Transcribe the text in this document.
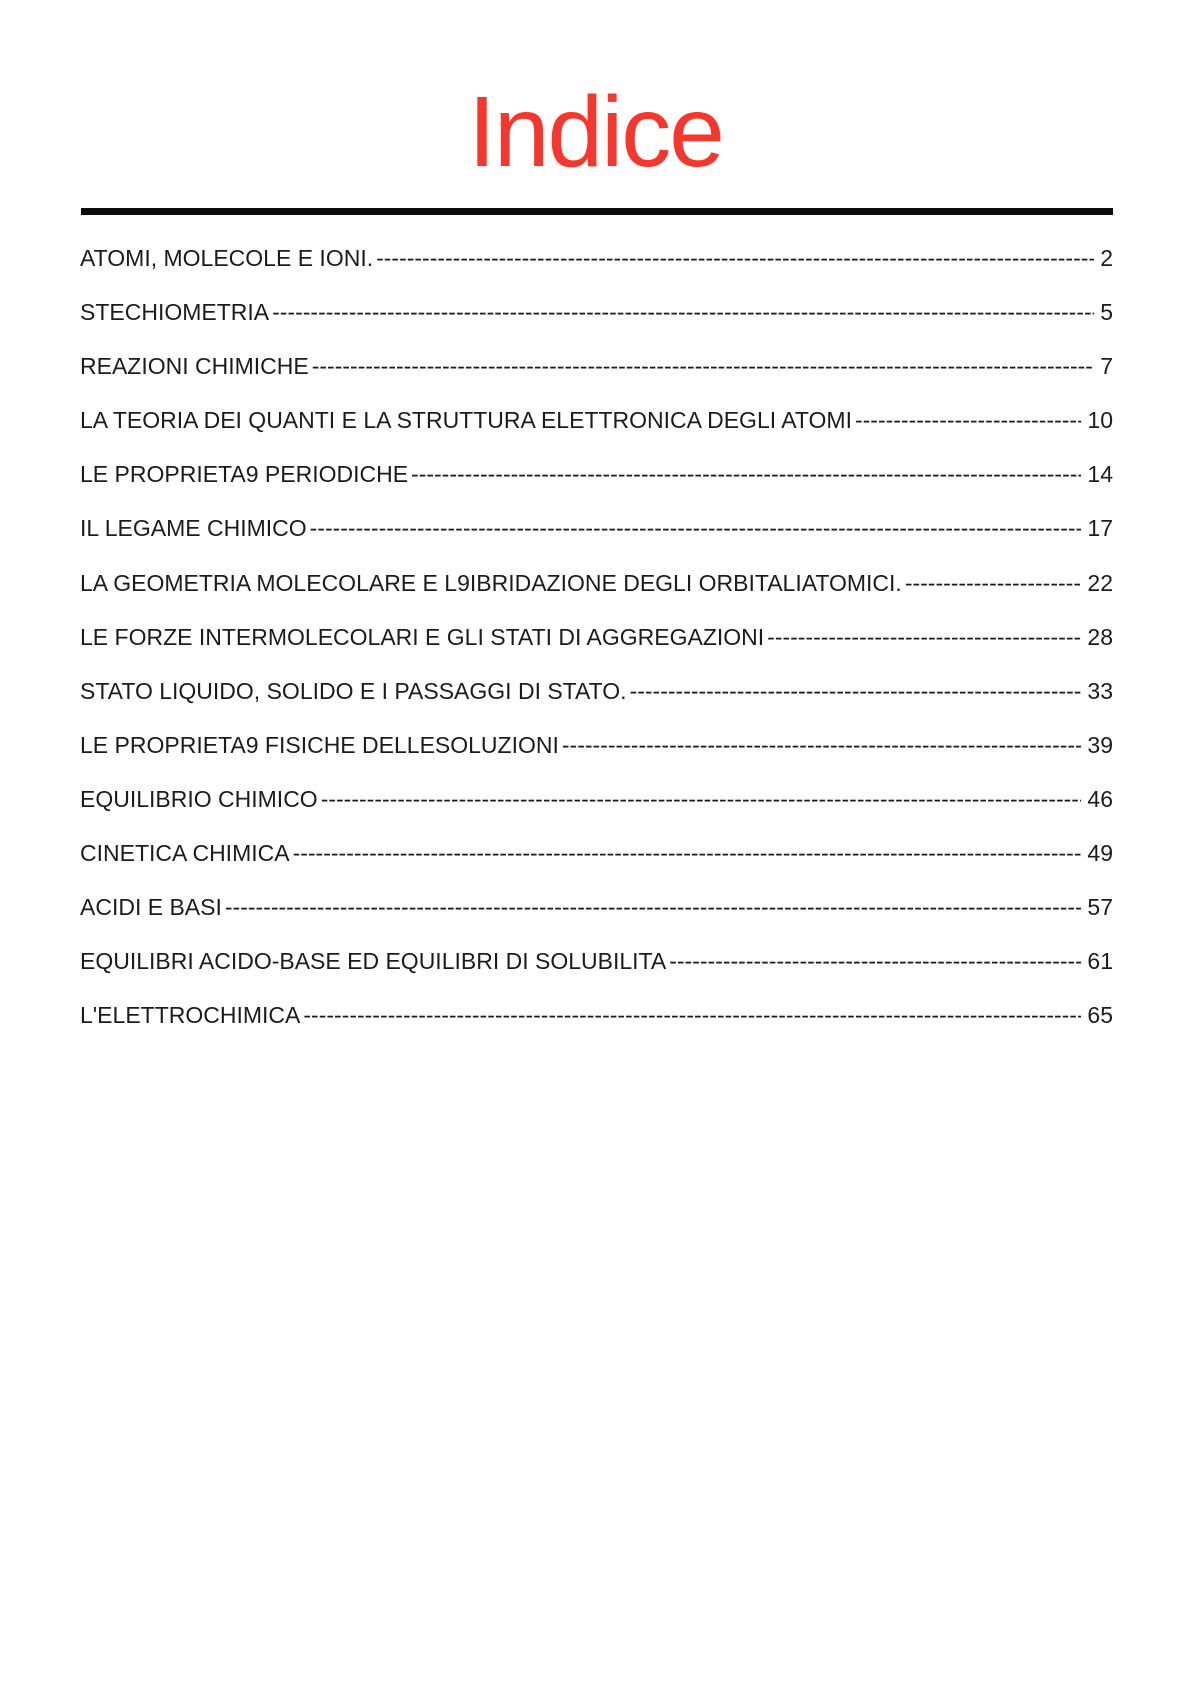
Indice
ATOMI, MOLECOLE E IONI. -----	2
STECHIOMETRIA -----	5
REAZIONI CHIMICHE -----	7
LA TEORIA DEI QUANTI E LA STRUTTURA ELETTRONICA DEGLI ATOMI -----	10
LE PROPRIETA9 PERIODICHE -----	14
IL LEGAME CHIMICO -----	17
LA GEOMETRIA MOLECOLARE E L9IBRIDAZIONE DEGLI ORBITALIATOMICI. -----	22
LE FORZE INTERMOLECOLARI E GLI STATI DI AGGREGAZIONI -----	28
STATO LIQUIDO, SOLIDO E I PASSAGGI DI STATO. -----	33
LE PROPRIETA9 FISICHE DELLESOLUZIONI -----	39
EQUILIBRIO CHIMICO -----	46
CINETICA CHIMICA -----	49
ACIDI E BASI -----	57
EQUILIBRI ACIDO-BASE ED EQUILIBRI DI SOLUBILITA -----	61
L'ELETTROCHIMICA -----	65
